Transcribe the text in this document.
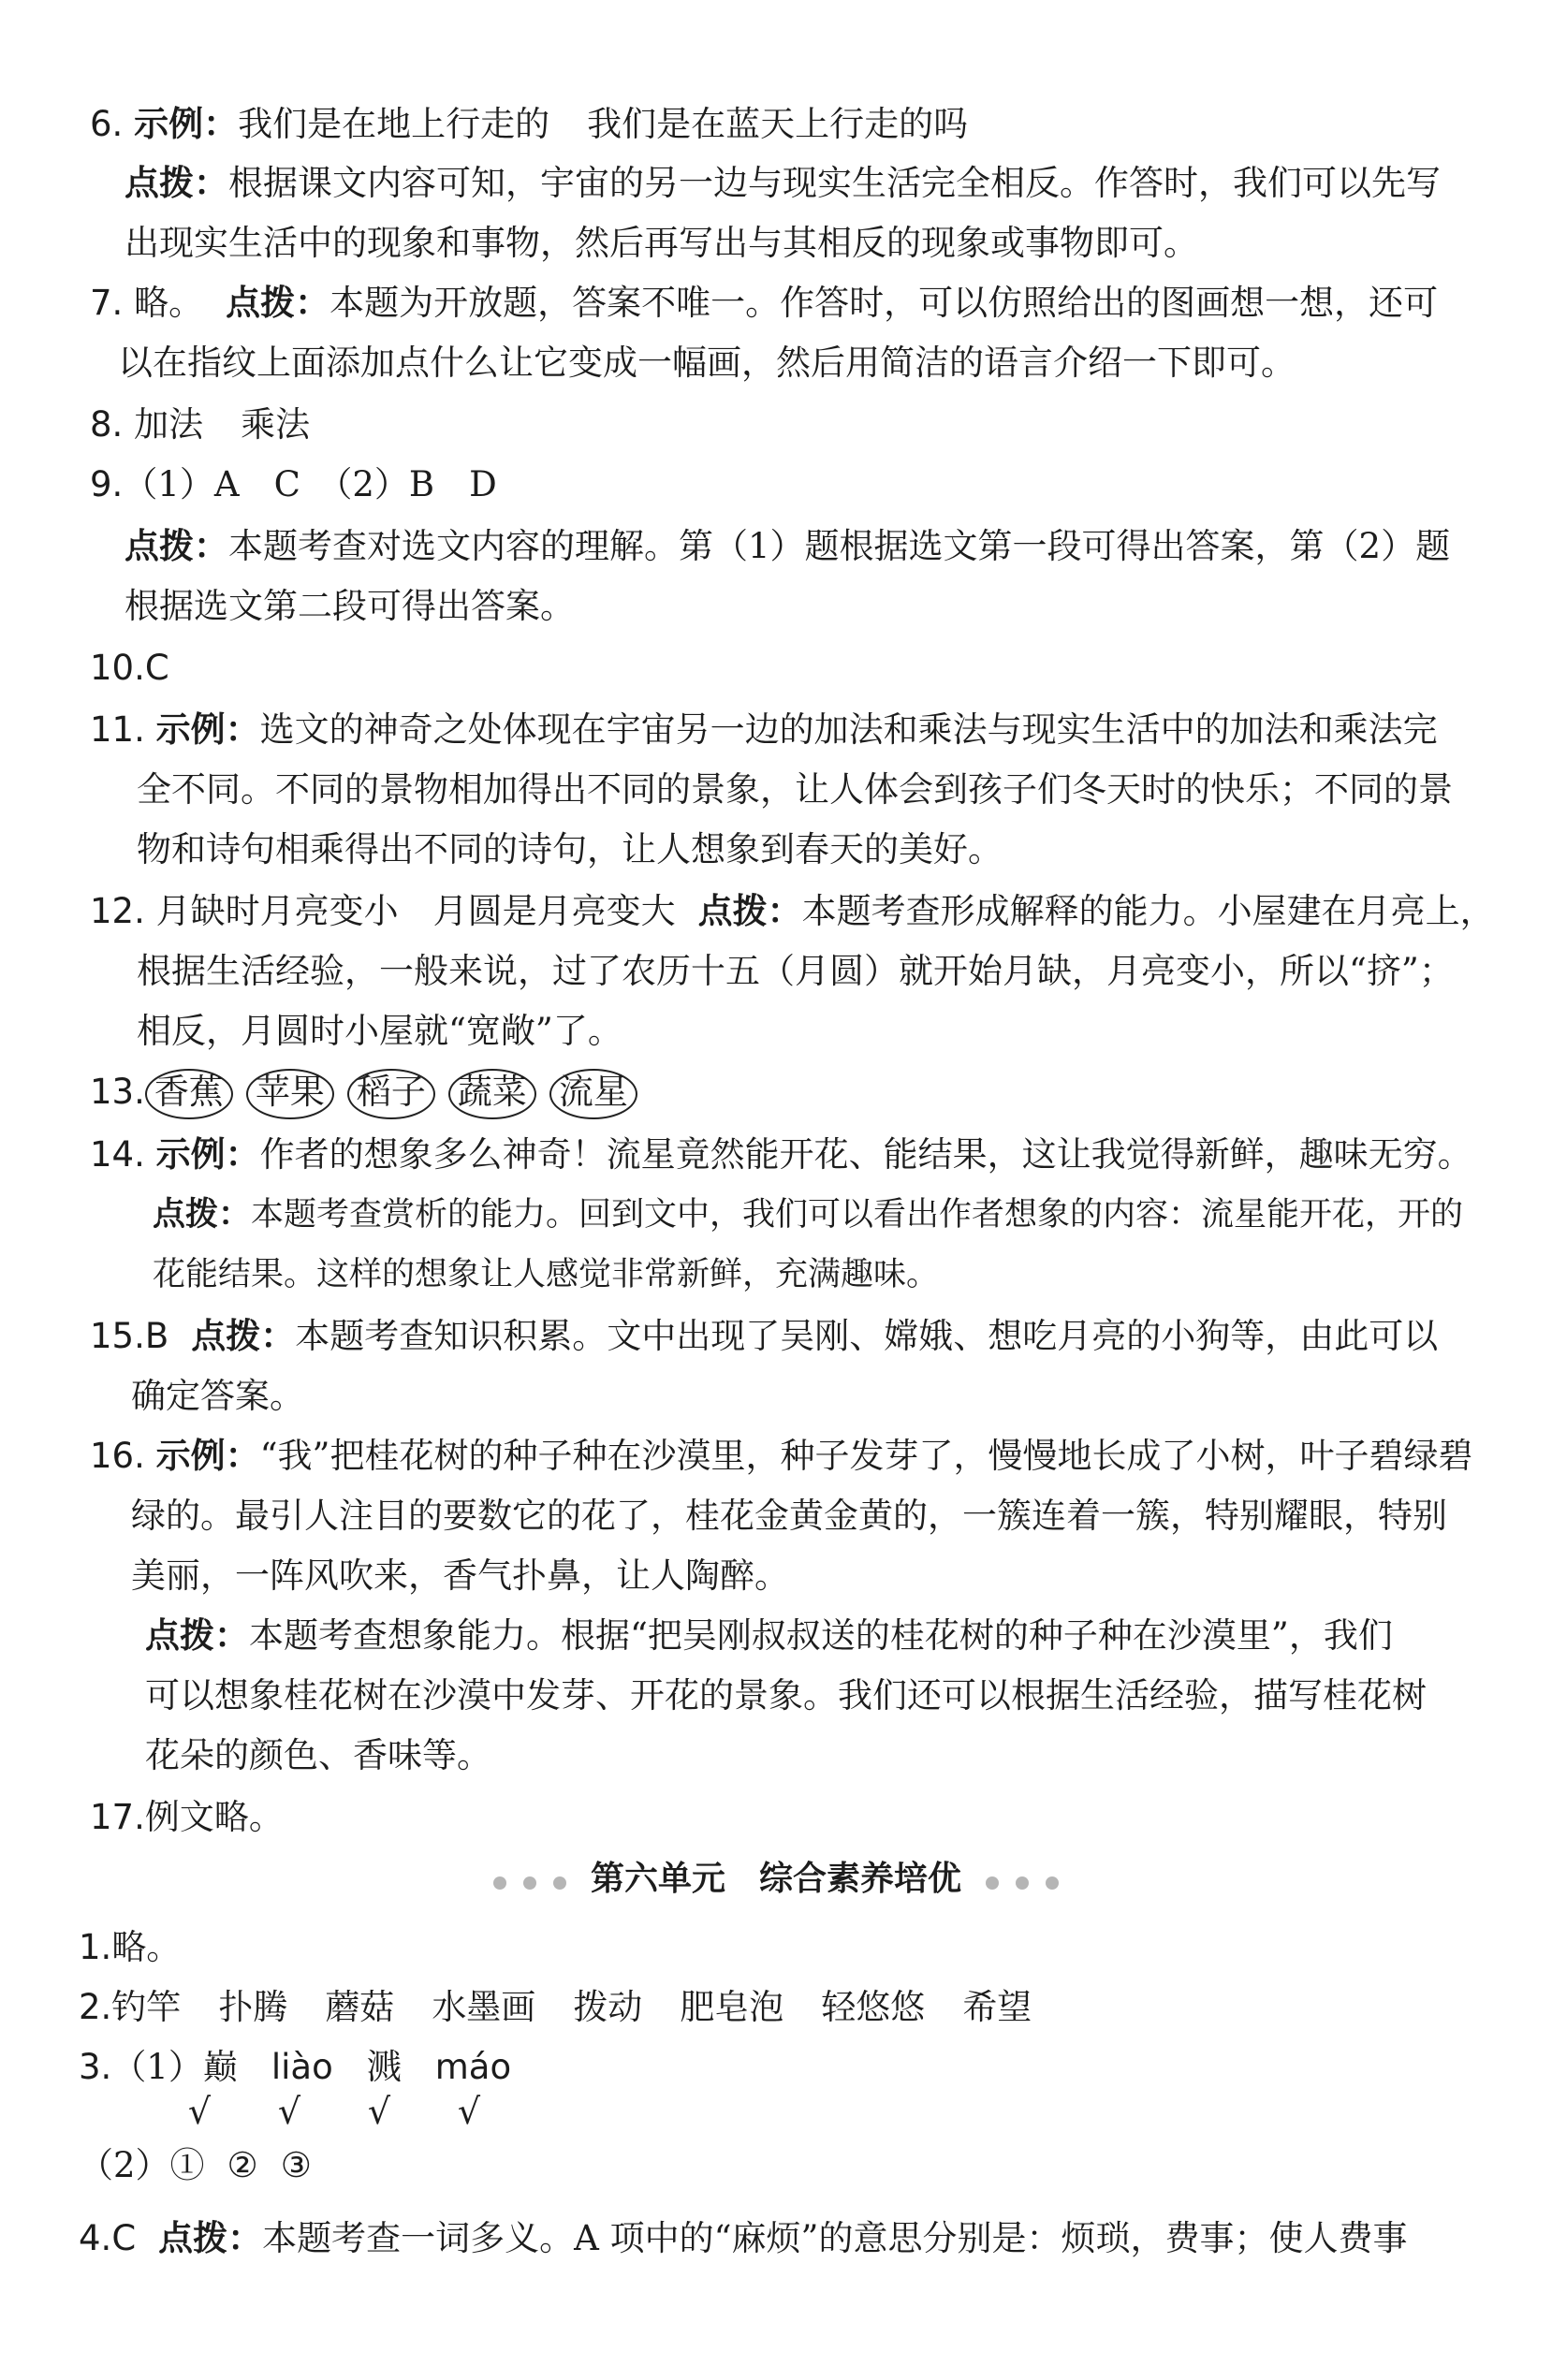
6. 示例：我们是在地上行走的 我们是在蓝天上行走的吗
点拨：根据课文内容可知，宇宙的另一边与现实生活完全相反。作答时，我们可以先写
出现实生活中的现象和事物，然后再写出与其相反的现象或事物即可。
7. 略。 点拨：本题为开放题，答案不唯一。作答时，可以仿照给出的图画想一想，还可
以在指纹上面添加点什么让它变成一幅画，然后用简洁的语言介绍一下即可。
8. 加法 乘法
9.（1）A　C　（2）B　D
点拨：本题考查对选文内容的理解。第（1）题根据选文第一段可得出答案，第（2）题
根据选文第二段可得出答案。
10.C
11. 示例：选文的神奇之处体现在宇宙另一边的加法和乘法与现实生活中的加法和乘法完
全不同。不同的景物相加得出不同的景象，让人体会到孩子们冬天时的快乐；不同的景
物和诗句相乘得出不同的诗句，让人想象到春天的美好。
12. 月缺时月亮变小　月圆是月亮变大 点拨：本题考查形成解释的能力。小屋建在月亮上，
根据生活经验，一般来说，过了农历十五（月圆）就开始月缺，月亮变小，所以“挤”；
相反，月圆时小屋就“宽敞”了。
13. 香蕉 苹果 稻子 蔬菜 流星
14. 示例：作者的想象多么神奇！流星竟然能开花、能结果，这让我觉得新鲜，趣味无穷。
点拨：本题考查赏析的能力。回到文中，我们可以看出作者想象的内容：流星能开花，开的
花能结果。这样的想象让人感觉非常新鲜，充满趣味。
15.B 点拨：本题考查知识积累。文中出现了吴刚、嫦娥、想吃月亮的小狗等，由此可以
确定答案。
16. 示例：“我”把桂花树的种子种在沙漠里，种子发芽了，慢慢地长成了小树，叶子碧绿碧
绿的。最引人注目的要数它的花了，桂花金黄金黄的，一簇连着一簇，特别耀眼，特别
美丽，一阵风吹来，香气扑鼻，让人陶醉。
点拨：本题考查想象能力。根据“把吴刚叔叔送的桂花树的种子种在沙漠里”，我们
可以想象桂花树在沙漠中发芽、开花的景象。我们还可以根据生活经验，描写桂花树
花朵的颜色、香味等。
17.例文略。
第六单元　综合素养培优
1.略。
2.钓竿 扑腾 蘑菇 水墨画 拨动 肥皂泡 轻悠悠 希望
3.（1）巅 liào 溅 máo
√ √ √ √
（2）① ② ③
4.C 点拨：本题考查一词多义。A 项中的“麻烦”的意思分别是：烦琐，费事；使人费事
